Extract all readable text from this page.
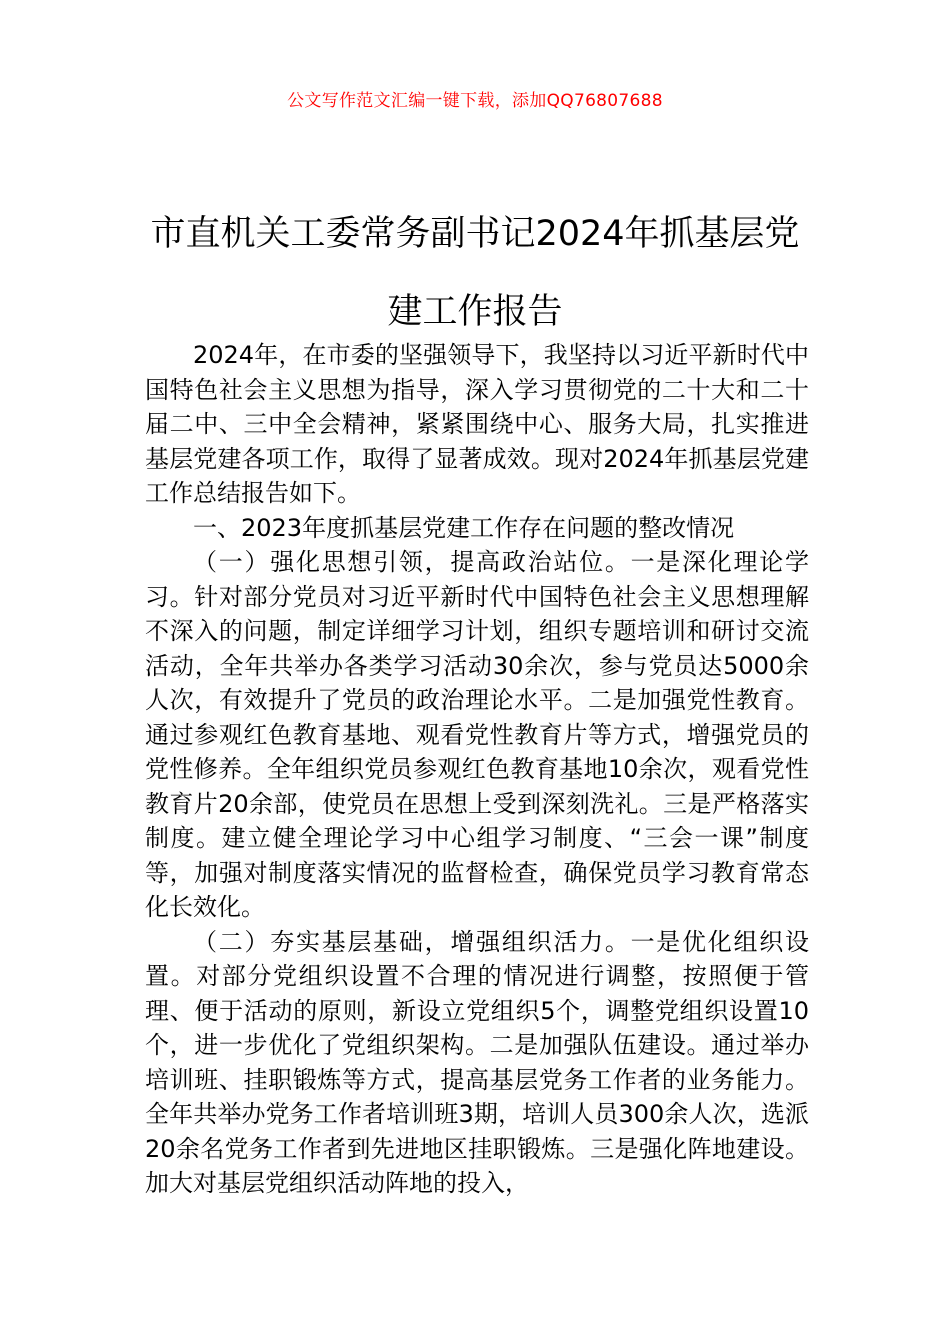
公文写作范文汇编一键下载，添加QQ76807688
市直机关工委常务副书记2024年抓基层党
建工作报告

2024年，在市委的坚强领导下，我坚持以习近平新时代中国特色社会主义思想为指导，深入学习贯彻党的二十大和二十届二中、三中全会精神，紧紧围绕中心、服务大局，扎实推进基层党建各项工作，取得了显著成效。现对2024年抓基层党建工作总结报告如下。

一、2023年度抓基层党建工作存在问题的整改情况

（一）强化思想引领，提高政治站位。一是深化理论学习。针对部分党员对习近平新时代中国特色社会主义思想理解不深入的问题，制定详细学习计划，组织专题培训和研讨交流活动，全年共举办各类学习活动30余次，参与党员达5000余人次，有效提升了党员的政治理论水平。二是加强党性教育。通过参观红色教育基地、观看党性教育片等方式，增强党员的党性修养。全年组织党员参观红色教育基地10余次，观看党性教育片20余部，使党员在思想上受到深刻洗礼。三是严格落实制度。建立健全理论学习中心组学习制度、“三会一课”制度等，加强对制度落实情况的监督检查，确保党员学习教育常态化长效化。

（二）夯实基层基础，增强组织活力。一是优化组织设置。对部分党组织设置不合理的情况进行调整，按照便于管理、便于活动的原则，新设立党组织5个，调整党组织设置10个，进一步优化了党组织架构。二是加强队伍建设。通过举办培训班、挂职锻炼等方式，提高基层党务工作者的业务能力。全年共举办党务工作者培训班3期，培训人员300余人次，选派20余名党务工作者到先进地区挂职锻炼。三是强化阵地建设。加大对基层党组织活动阵地的投入，
